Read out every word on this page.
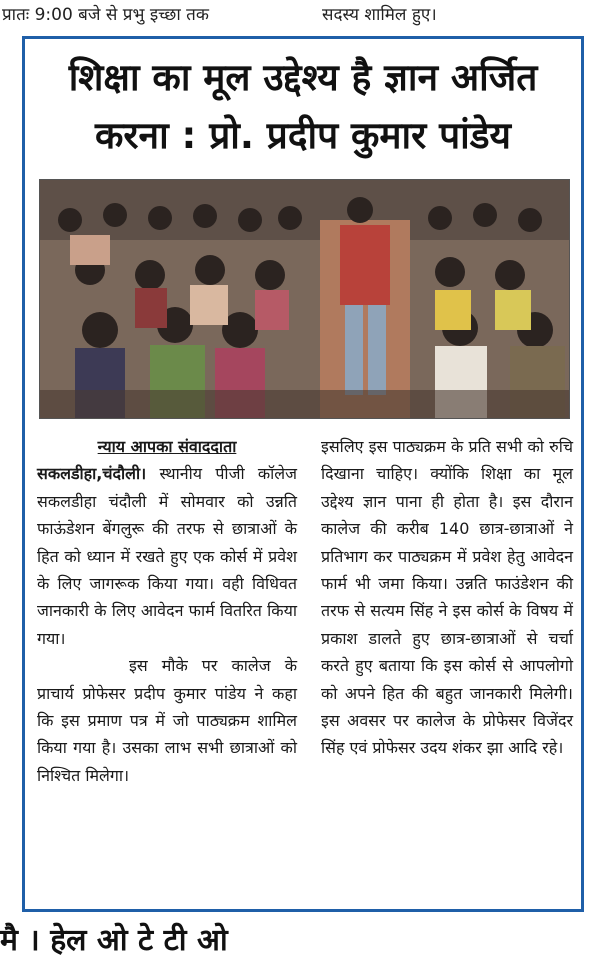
प्रातः 9:00 बजे से प्रभु इच्छा तक	सदस्य शामिल हुए।
शिक्षा का मूल उद्देश्य है ज्ञान अर्जित
करना : प्रो. प्रदीप कुमार पांडेय

न्याय आपका संवाददाता

सकलडीहा,चंदौली। स्थानीय पीजी कॉलेज सकलडीहा चंदौली में सोमवार को उन्नति फाऊंडेशन बेंगलुरू की तरफ से छात्राओं के हित को ध्यान में रखते हुए एक कोर्स में प्रवेश के लिए जागरूक किया गया। वही विधिवत जानकारी के लिए आवेदन फार्म वितरित किया गया।

इस मौके पर कालेज के प्राचार्य प्रोफेसर प्रदीप कुमार पांडेय ने कहा कि इस प्रमाण पत्र में जो पाठ्यक्रम शामिल किया गया है। उसका लाभ सभी छात्राओं को निश्चित मिलेगा।

इसलिए इस पाठ्यक्रम के प्रति सभी को रुचि दिखाना चाहिए। क्योंकि शिक्षा का मूल उद्देश्य ज्ञान पाना ही होता है। इस दौरान कालेज की करीब 140 छात्र-छात्राओं ने प्रतिभाग कर पाठ्यक्रम में प्रवेश हेतु आवेदन फार्म भी जमा किया। उन्नति फाउंडेशन की तरफ से सत्यम सिंह ने इस कोर्स के विषय में प्रकाश डालते हुए छात्र-छात्राओं से चर्चा करते हुए बताया कि इस कोर्स से आपलोगो को अपने हित की बहुत जानकारी मिलेगी। इस अवसर पर कालेज के प्रोफेसर विजेंदर सिंह एवं प्रोफेसर उदय शंकर झा आदि रहे।

मै । हेल ओ टे टी ओ
